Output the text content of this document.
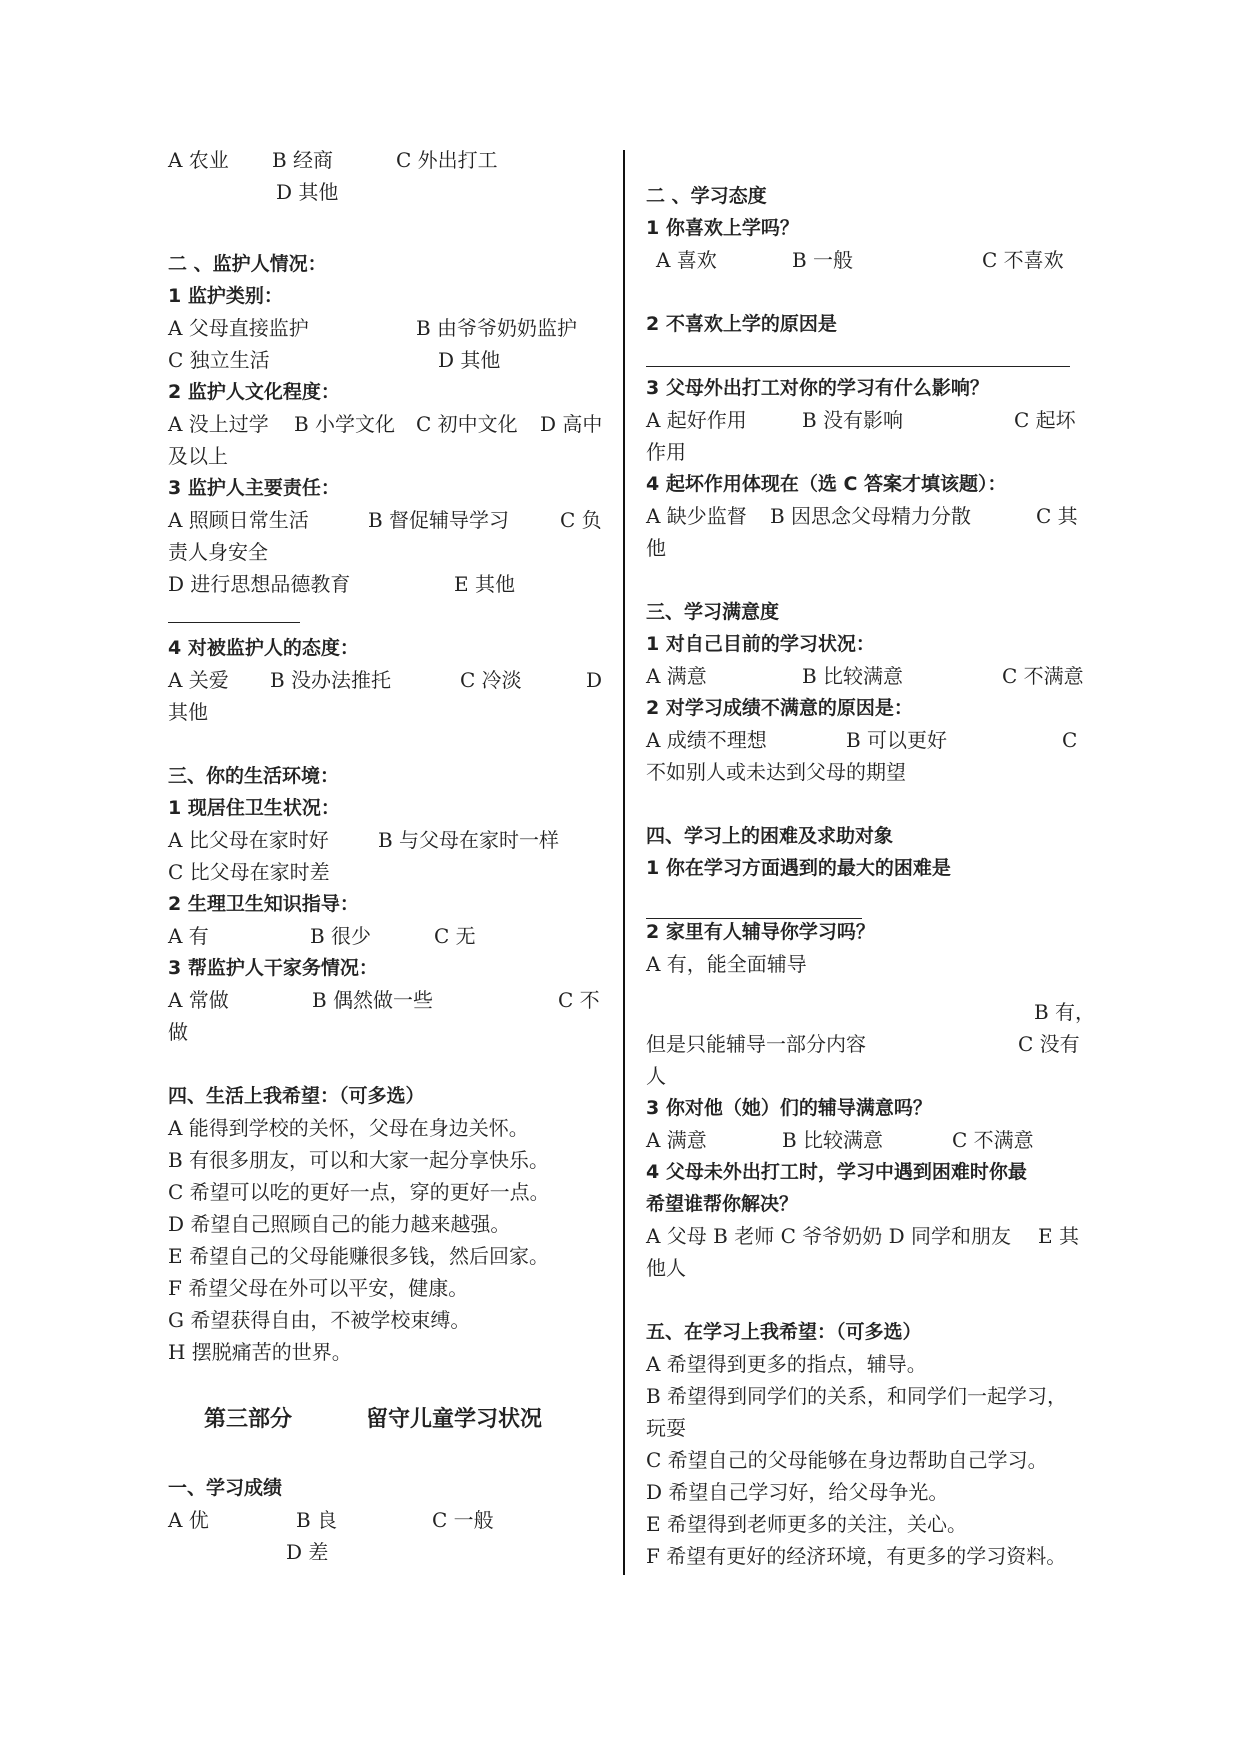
A 农业 B 经商	C 外出打工
D 其他
二 、监护人情况：
1 监护类别：
A 父母直接监护	B 由爷爷奶奶监护
C 独立生活	D 其他
2 监护人文化程度：
A 没上过学 B 小学文化 C 初中文化 D 高中
及以上
3 监护人主要责任：
A 照顾日常生活	B 督促辅导学习	C 负
责人身安全
D 进行思想品德教育	E 其他
4 对被监护人的态度：
A 关爱 B 没办法推托	C 冷淡	D
其他
三、你的生活环境：
1 现居住卫生状况：
A 比父母在家时好 B 与父母在家时一样
C 比父母在家时差
2 生理卫生知识指导：
A 有	B 很少	C 无
3 帮监护人干家务情况：
A 常做	B 偶然做一些	C 不
做
四、生活上我希望：（可多选）
A 能得到学校的关怀，父母在身边关怀。
B 有很多朋友，可以和大家一起分享快乐。
C 希望可以吃的更好一点，穿的更好一点。
D 希望自己照顾自己的能力越来越强。
E 希望自己的父母能赚很多钱，然后回家。
F 希望父母在外可以平安，健康。
G 希望获得自由，不被学校束缚。
H 摆脱痛苦的世界。
第三部分	留守儿童学习状况
一、学习成绩
A 优	B 良	C 一般
D 差
二 、学习态度
1 你喜欢上学吗？
A 喜欢	B 一般	C 不喜欢
2 不喜欢上学的原因是
3 父母外出打工对你的学习有什么影响？
A 起好作用	B 没有影响	C 起坏
作用
4 起坏作用体现在（选 C 答案才填该题）：
A 缺少监督 B 因思念父母精力分散	C 其
他
三、学习满意度
1 对自己目前的学习状况：
A 满意	B 比较满意	C 不满意
2 对学习成绩不满意的原因是：
A 成绩不理想	B 可以更好	C
不如别人或未达到父母的期望
四、学习上的困难及求助对象
1 你在学习方面遇到的最大的困难是
2 家里有人辅导你学习吗？
A 有，能全面辅导
B 有，
但是只能辅导一部分内容	C 没有
人
3 你对他（她）们的辅导满意吗？
A 满意	B 比较满意	C 不满意
4 父母未外出打工时，学习中遇到困难时你最
希望谁帮你解决？
A 父母 B 老师 C 爷爷奶奶 D 同学和朋友 E 其
他人
五、在学习上我希望：（可多选）
A 希望得到更多的指点，辅导。
B 希望得到同学们的关系，和同学们一起学习，
玩耍
C 希望自己的父母能够在身边帮助自己学习。
D 希望自己学习好，给父母争光。
E 希望得到老师更多的关注，关心。
F 希望有更好的经济环境，有更多的学习资料。
